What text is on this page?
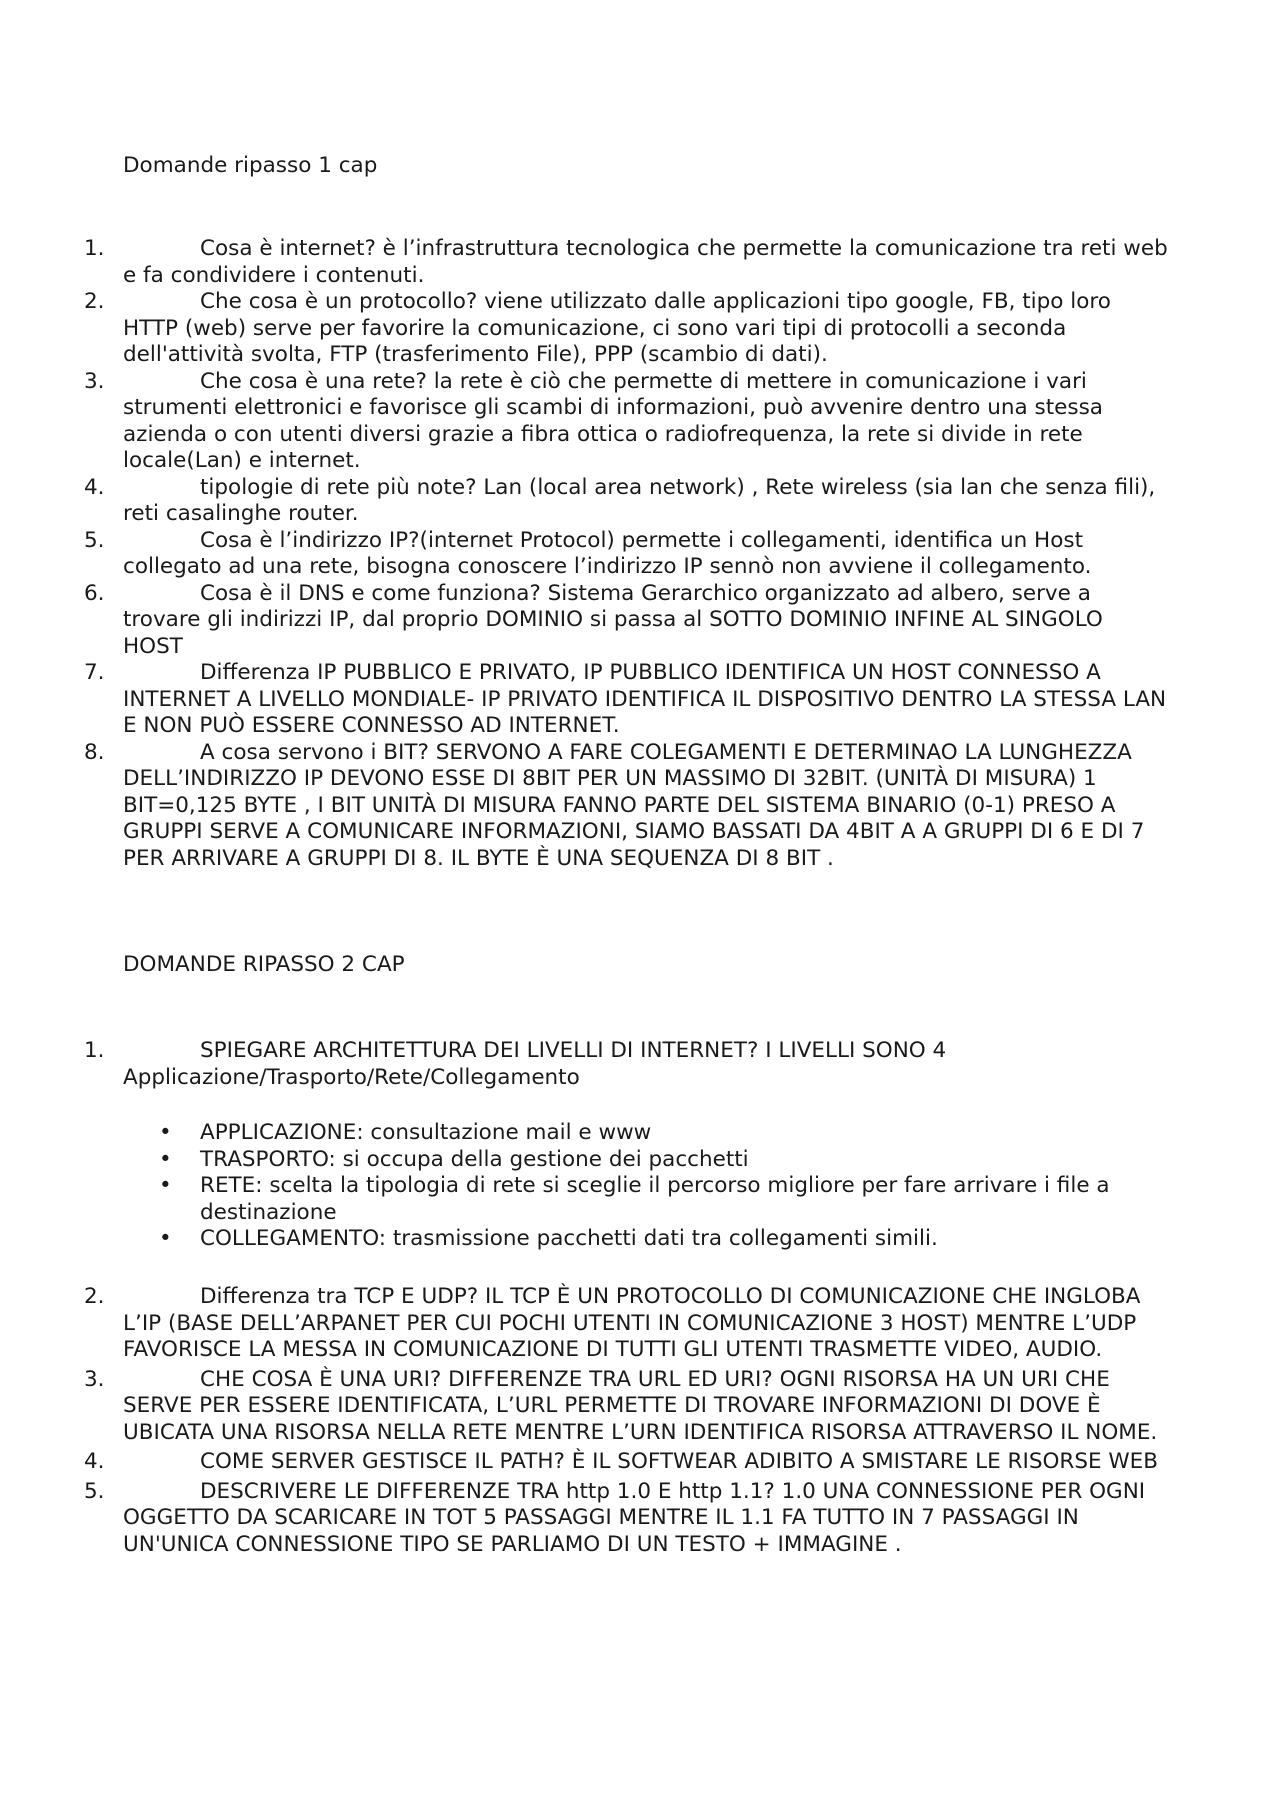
Domande ripasso 1 cap
1.	Cosa è internet? è l’infrastruttura tecnologica che permette la comunicazione tra reti web e fa condividere i contenuti.
2.	Che cosa è un protocollo? viene utilizzato dalle applicazioni tipo google, FB, tipo loro HTTP (web) serve per favorire la comunicazione, ci sono vari tipi di protocolli a seconda dell'attività svolta, FTP (trasferimento File), PPP (scambio di dati).
3.	Che cosa è una rete? la rete è ciò che permette di mettere in comunicazione i vari strumenti elettronici e favorisce gli scambi di informazioni, può avvenire dentro una stessa azienda o con utenti diversi grazie a fibra ottica o radiofrequenza, la rete si divide in rete locale(Lan) e internet.
4.	tipologie di rete più note? Lan (local area network) , Rete wireless (sia lan che senza fili), reti casalinghe router.
5.	Cosa è l’indirizzo IP?(internet Protocol) permette i collegamenti, identifica un Host collegato ad una rete, bisogna conoscere l’indirizzo IP sennò non avviene il collegamento.
6.	Cosa è il DNS e come funziona? Sistema Gerarchico organizzato ad albero, serve a trovare gli indirizzi IP, dal proprio DOMINIO si passa al SOTTO DOMINIO INFINE AL SINGOLO HOST
7.	Differenza IP PUBBLICO E PRIVATO, IP PUBBLICO IDENTIFICA UN HOST CONNESSO A INTERNET A LIVELLO MONDIALE- IP PRIVATO IDENTIFICA IL DISPOSITIVO DENTRO LA STESSA LAN E NON PUÒ ESSERE CONNESSO AD INTERNET.
8.	A cosa servono i BIT? SERVONO A FARE COLEGAMENTI E DETERMINAO LA LUNGHEZZA DELL’INDIRIZZO IP DEVONO ESSE DI 8BIT PER UN MASSIMO DI 32BIT. (UNITÀ DI MISURA) 1 BIT=0,125 BYTE , I BIT UNITÀ DI MISURA FANNO PARTE DEL SISTEMA BINARIO (0-1) PRESO A GRUPPI SERVE A COMUNICARE INFORMAZIONI, SIAMO BASSATI DA 4BIT A A GRUPPI DI 6 E DI 7 PER ARRIVARE A GRUPPI DI 8. IL BYTE È UNA SEQUENZA DI 8 BIT .
DOMANDE RIPASSO 2 CAP
1.	SPIEGARE ARCHITETTURA DEI LIVELLI DI INTERNET? I LIVELLI SONO 4 Applicazione/Trasporto/Rete/Collegamento
• APPLICAZIONE: consultazione mail e www
• TRASPORTO: si occupa della gestione dei pacchetti
• RETE: scelta la tipologia di rete si sceglie il percorso migliore per fare arrivare i file a destinazione
• COLLEGAMENTO: trasmissione pacchetti dati tra collegamenti simili.
2.	Differenza tra TCP E UDP? IL TCP È UN PROTOCOLLO DI COMUNICAZIONE CHE INGLOBA L’IP (BASE DELL’ARPANET PER CUI POCHI UTENTI IN COMUNICAZIONE 3 HOST) MENTRE L’UDP FAVORISCE LA MESSA IN COMUNICAZIONE DI TUTTI GLI UTENTI TRASMETTE VIDEO, AUDIO.
3.	CHE COSA È UNA URI? DIFFERENZE TRA URL ED URI? OGNI RISORSA HA UN URI CHE SERVE PER ESSERE IDENTIFICATA, L’URL PERMETTE DI TROVARE INFORMAZIONI DI DOVE È UBICATA UNA RISORSA NELLA RETE MENTRE L’URN IDENTIFICA RISORSA ATTRAVERSO IL NOME.
4.	COME SERVER GESTISCE IL PATH? È IL SOFTWEAR ADIBITO A SMISTARE LE RISORSE WEB
5.	DESCRIVERE LE DIFFERENZE TRA http 1.0 E http 1.1? 1.0 UNA CONNESSIONE PER OGNI OGGETTO DA SCARICARE IN TOT 5 PASSAGGI MENTRE IL 1.1 FA TUTTO IN 7 PASSAGGI IN UN'UNICA CONNESSIONE TIPO SE PARLIAMO DI UN TESTO + IMMAGINE .
